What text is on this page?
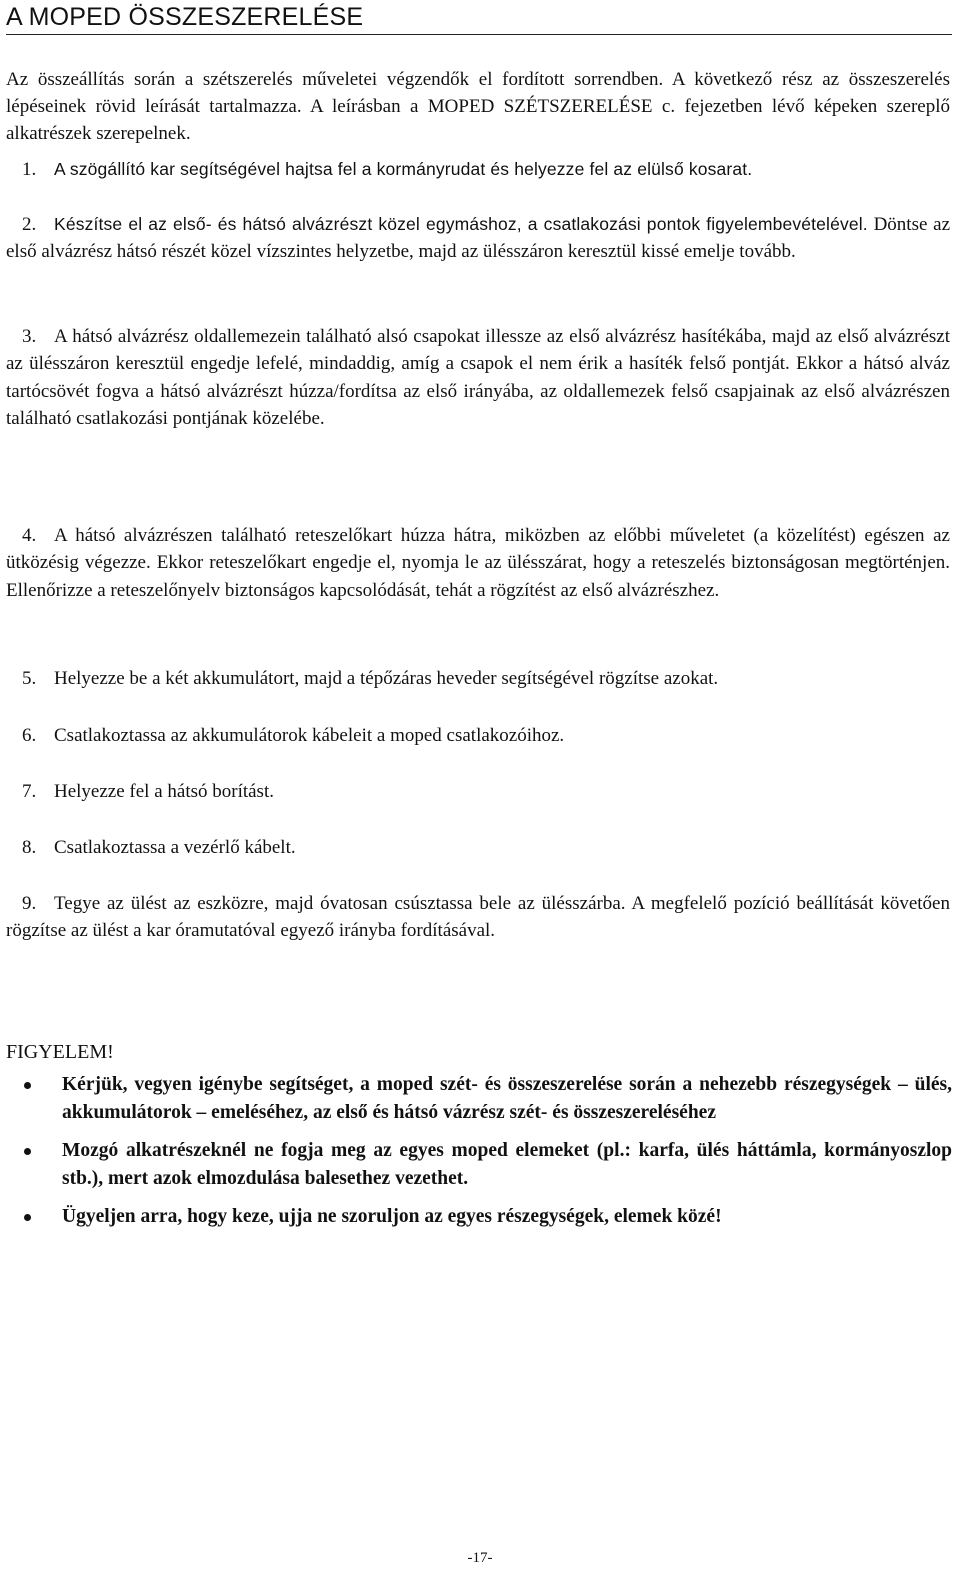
A MOPED ÖSSZESZERELÉSE
Az összeállítás során a szétszerelés műveletei végzendők el fordított sorrendben. A következő rész az összeszerelés lépéseinek rövid leírását tartalmazza. A leírásban a MOPED SZÉTSZERELÉSE c. fejezetben lévő képeken szereplő alkatrészek szerepelnek.
1. A szögállító kar segítségével hajtsa fel a kormányrudat és helyezze fel az elülső kosarat.
2. Készítse el az első- és hátsó alvázrészt közel egymáshoz, a csatlakozási pontok figyelembevételével. Döntse az első alvázrész hátsó részét közel vízszintes helyzetbe, majd az ülésszáron keresztül kissé emelje tovább.
3. A hátsó alvázrész oldallemezein található alsó csapokat illessze az első alvázrész hasítékába, majd az első alvázrészt az ülésszáron keresztül engedje lefelé, mindaddig, amíg a csapok el nem érik a hasíték felső pontját. Ekkor a hátsó alváz tartócsövét fogva a hátsó alvázrészt húzza/fordítsa az első irányába, az oldallemezek felső csapjainak az első alvázrészen található csatlakozási pontjának közelébe.
4. A hátsó alvázrészen található reteszelőkart húzza hátra, miközben az előbbi műveletet (a közelítést) egészen az ütközésig végezze. Ekkor reteszelőkart engedje el, nyomja le az ülésszárat, hogy a reteszelés biztonságosan megtörténjen. Ellenőrizze a reteszelőnyelv biztonságos kapcsolódását, tehát a rögzítést az első alvázrészhez.
5. Helyezze be a két akkumulátort, majd a tépőzáras heveder segítségével rögzítse azokat.
6. Csatlakoztassa az akkumulátorok kábeleit a moped csatlakozóihoz.
7. Helyezze fel a hátsó borítást.
8. Csatlakoztassa a vezérlő kábelt.
9. Tegye az ülést az eszközre, majd óvatosan csúsztassa bele az ülésszárba. A megfelelő pozíció beállítását követően rögzítse az ülést a kar óramutatóval egyező irányba fordításával.
FIGYELEM!
Kérjük, vegyen igénybe segítséget, a moped szét- és összeszerelése során a nehezebb részegységek – ülés, akkumulátorok – emeléséhez, az első és hátsó vázrész szét- és összeszereléséhez
Mozgó alkatrészeknél ne fogja meg az egyes moped elemeket (pl.: karfa, ülés háttámla, kormányoszlop stb.), mert azok elmozdulása balesethez vezethet.
Ügyeljen arra, hogy keze, ujja ne szoruljon az egyes részegységek, elemek közé!
-17-
